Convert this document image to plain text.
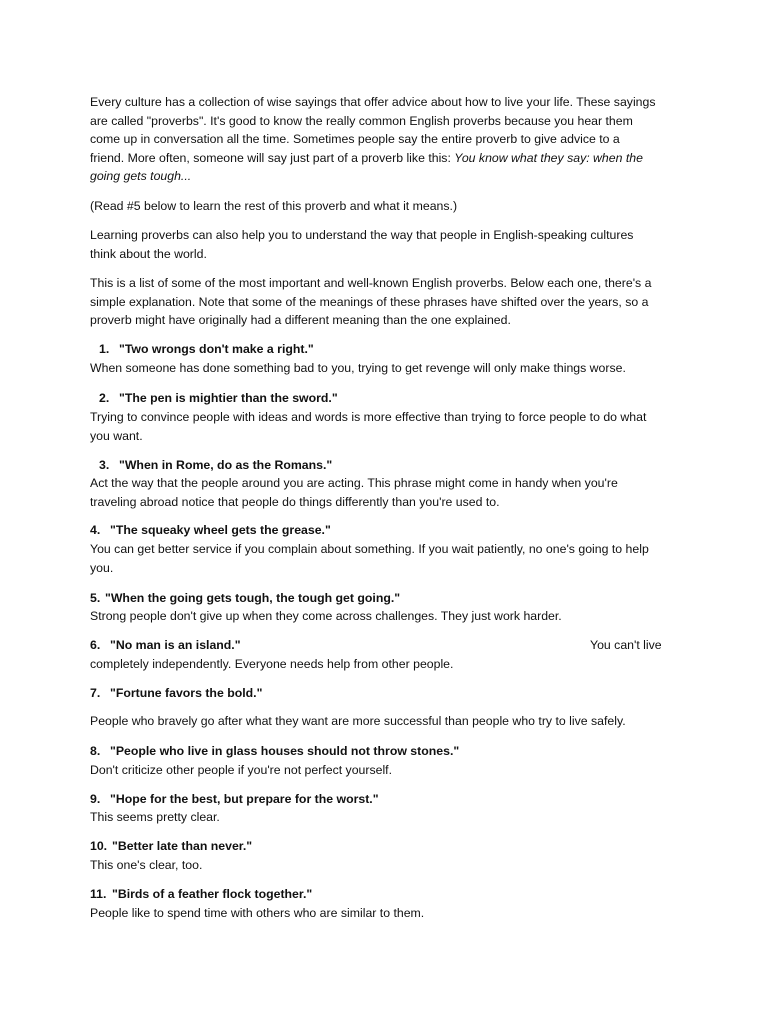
Every culture has a collection of wise sayings that offer advice about how to live your life. These sayings
are called "proverbs". It's good to know the really common English proverbs because you hear them
come up in conversation all the time. Sometimes people say the entire proverb to give advice to a
friend. More often, someone will say just part of a proverb like this: You know what they say: when the
going gets tough...
(Read #5 below to learn the rest of this proverb and what it means.)
Learning proverbs can also help you to understand the way that people in English-speaking cultures
think about the world.
This is a list of some of the most important and well-known English proverbs. Below each one, there's a
simple explanation. Note that some of the meanings of these phrases have shifted over the years, so a
proverb might have originally had a different meaning than the one explained.
1. "Two wrongs don't make a right."
When someone has done something bad to you, trying to get revenge will only make things worse.
2. "The pen is mightier than the sword."
Trying to convince people with ideas and words is more effective than trying to force people to do what
you want.
3. "When in Rome, do as the Romans."
Act the way that the people around you are acting. This phrase might come in handy when you're
traveling abroad notice that people do things differently than you're used to.
4. "The squeaky wheel gets the grease."
You can get better service if you complain about something. If you wait patiently, no one's going to help
you.
5. "When the going gets tough, the tough get going."
Strong people don't give up when they come across challenges. They just work harder.
6. "No man is an island."	You can't live
completely independently. Everyone needs help from other people.
7. "Fortune favors the bold."
People who bravely go after what they want are more successful than people who try to live safely.
8. "People who live in glass houses should not throw stones."
Don't criticize other people if you're not perfect yourself.
9. "Hope for the best, but prepare for the worst."
This seems pretty clear.
10. "Better late than never."
This one's clear, too.
11. "Birds of a feather flock together."
People like to spend time with others who are similar to them.
